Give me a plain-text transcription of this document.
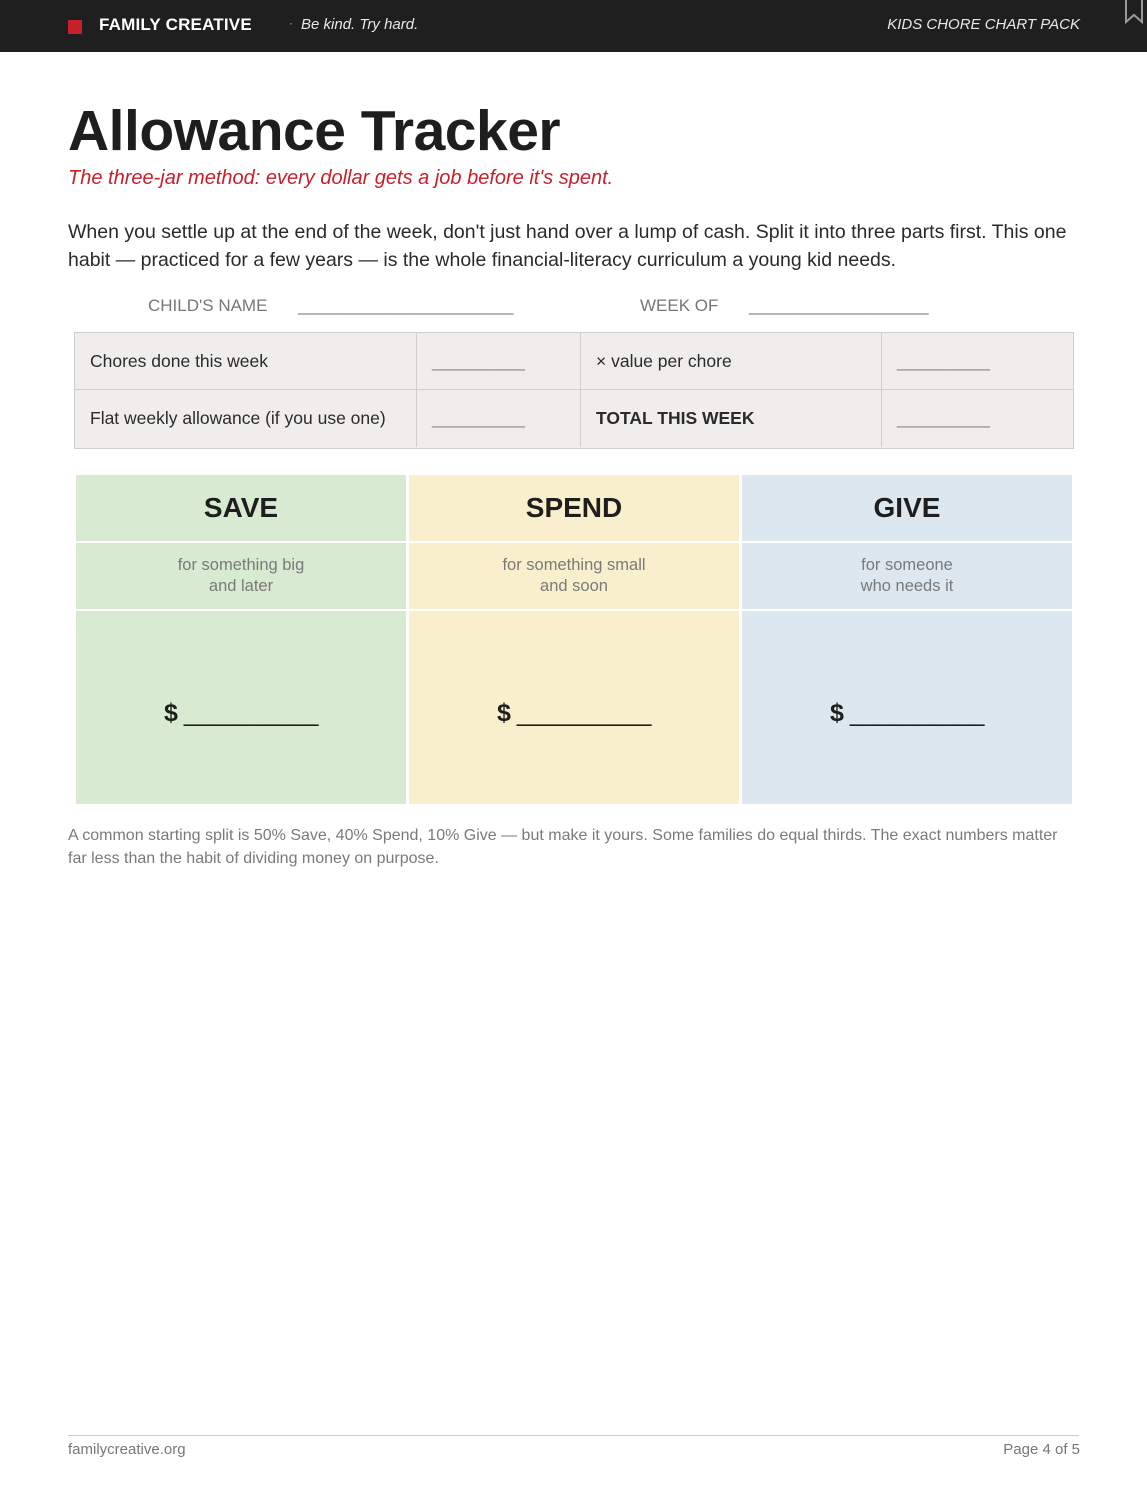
FAMILY CREATIVE	· Be kind. Try hard.	KIDS CHORE CHART PACK
Allowance Tracker
The three-jar method: every dollar gets a job before it's spent.
When you settle up at the end of the week, don't just hand over a lump of cash. Split it into three parts first. This one habit — practiced for a few years — is the whole financial-literacy curriculum a young kid needs.
CHILD'S NAME ________________________	WEEK OF ____________________
Chores done this week	__________	× value per chore	__________
Flat weekly allowance (if you use one)	__________	TOTAL THIS WEEK	__________
SAVE
for something big
and later
$ __________
SPEND
for something small
and soon
$ __________
GIVE
for someone
who needs it
$ __________
A common starting split is 50% Save, 40% Spend, 10% Give — but make it yours. Some families do equal thirds. The exact numbers matter far less than the habit of dividing money on purpose.
familycreative.org	Page 4 of 5
